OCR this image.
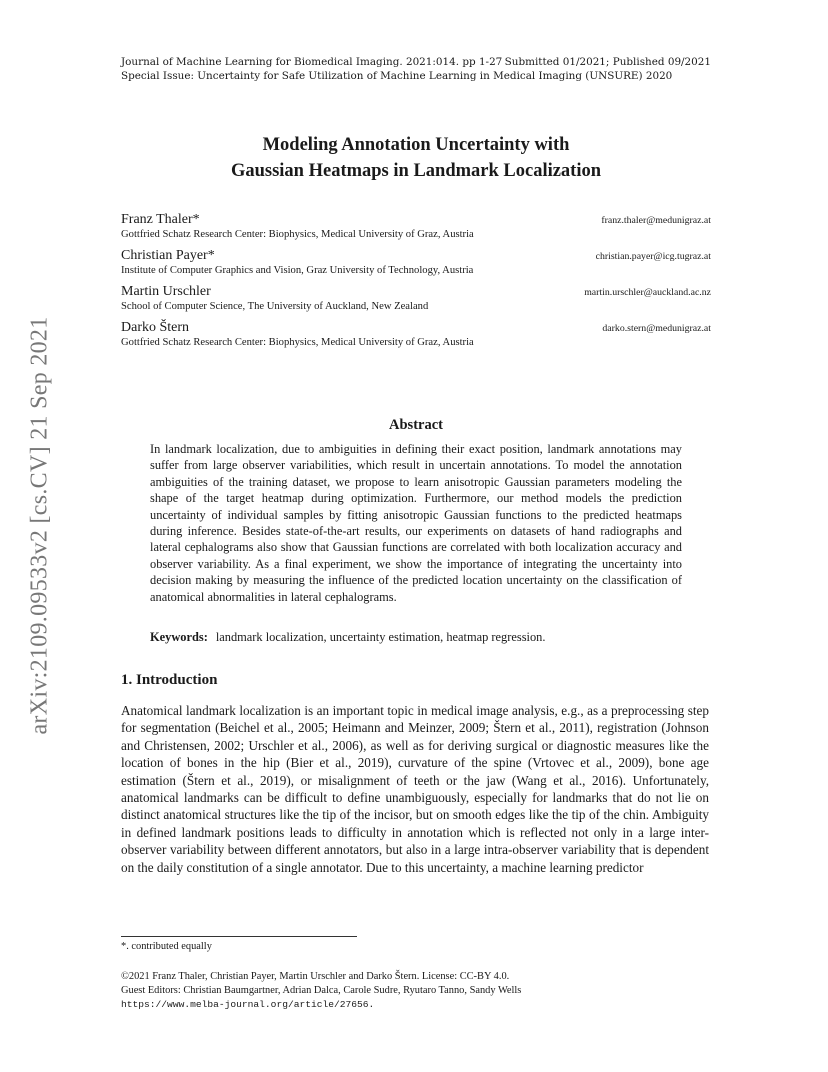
arXiv:2109.09533v2 [cs.CV] 21 Sep 2021
Journal of Machine Learning for Biomedical Imaging. 2021:014. pp 1-27 Submitted 01/2021; Published 09/2021
Special Issue: Uncertainty for Safe Utilization of Machine Learning in Medical Imaging (UNSURE) 2020
Modeling Annotation Uncertainty with
Gaussian Heatmaps in Landmark Localization
Franz Thaler*	franz.thaler@medunigraz.at
Gottfried Schatz Research Center: Biophysics, Medical University of Graz, Austria
Christian Payer*	christian.payer@icg.tugraz.at
Institute of Computer Graphics and Vision, Graz University of Technology, Austria
Martin Urschler	martin.urschler@auckland.ac.nz
School of Computer Science, The University of Auckland, New Zealand
Darko Štern	darko.stern@medunigraz.at
Gottfried Schatz Research Center: Biophysics, Medical University of Graz, Austria
Abstract
In landmark localization, due to ambiguities in defining their exact position, landmark annotations may suffer from large observer variabilities, which result in uncertain annotations. To model the annotation ambiguities of the training dataset, we propose to learn anisotropic Gaussian parameters modeling the shape of the target heatmap during optimization. Furthermore, our method models the prediction uncertainty of individual samples by fitting anisotropic Gaussian functions to the predicted heatmaps during inference. Besides state-of-the-art results, our experiments on datasets of hand radiographs and lateral cephalograms also show that Gaussian functions are correlated with both localization accuracy and observer variability. As a final experiment, we show the importance of integrating the uncertainty into decision making by measuring the influence of the predicted location uncertainty on the classification of anatomical abnormalities in lateral cephalograms.
Keywords: landmark localization, uncertainty estimation, heatmap regression.
1. Introduction
Anatomical landmark localization is an important topic in medical image analysis, e.g., as a preprocessing step for segmentation (Beichel et al., 2005; Heimann and Meinzer, 2009; Štern et al., 2011), registration (Johnson and Christensen, 2002; Urschler et al., 2006), as well as for deriving surgical or diagnostic measures like the location of bones in the hip (Bier et al., 2019), curvature of the spine (Vrtovec et al., 2009), bone age estimation (Štern et al., 2019), or misalignment of teeth or the jaw (Wang et al., 2016). Unfortunately, anatomical landmarks can be difficult to define unambiguously, especially for landmarks that do not lie on distinct anatomical structures like the tip of the incisor, but on smooth edges like the tip of the chin. Ambiguity in defined landmark positions leads to difficulty in annotation which is reflected not only in a large inter-observer variability between different annotators, but also in a large intra-observer variability that is dependent on the daily constitution of a single annotator. Due to this uncertainty, a machine learning predictor
*. contributed equally
©2021 Franz Thaler, Christian Payer, Martin Urschler and Darko Štern. License: CC-BY 4.0.
Guest Editors: Christian Baumgartner, Adrian Dalca, Carole Sudre, Ryutaro Tanno, Sandy Wells
https://www.melba-journal.org/article/27656.
